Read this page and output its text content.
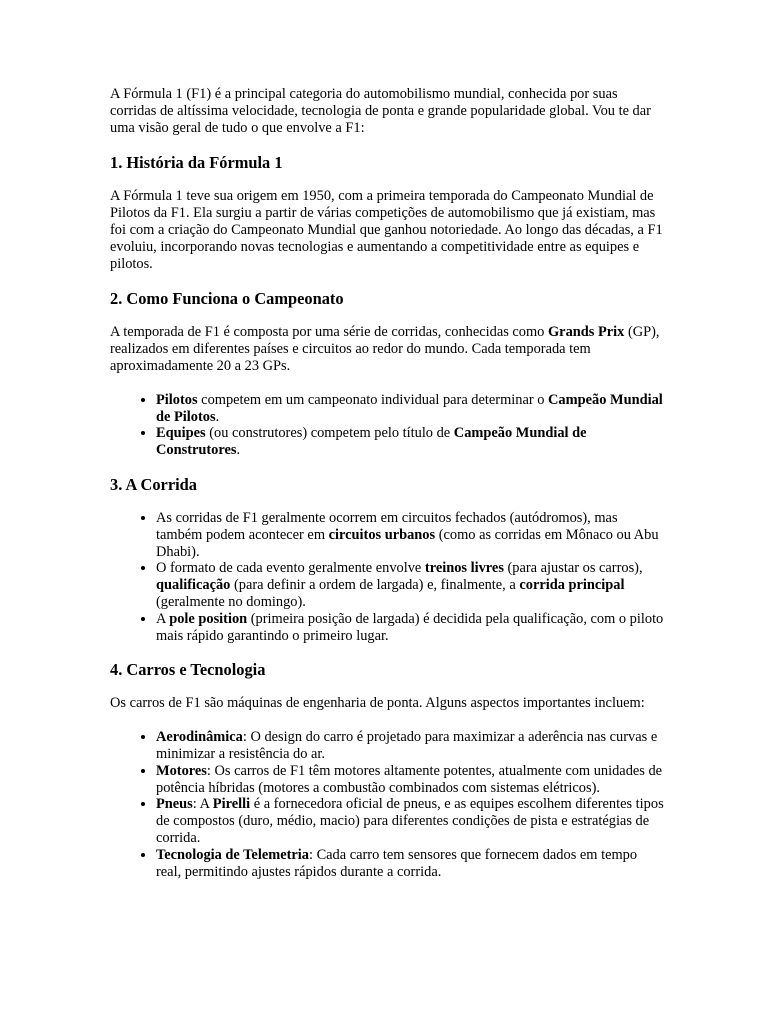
A Fórmula 1 (F1) é a principal categoria do automobilismo mundial, conhecida por suas corridas de altíssima velocidade, tecnologia de ponta e grande popularidade global. Vou te dar uma visão geral de tudo o que envolve a F1:

1. História da Fórmula 1

A Fórmula 1 teve sua origem em 1950, com a primeira temporada do Campeonato Mundial de Pilotos da F1. Ela surgiu a partir de várias competições de automobilismo que já existiam, mas foi com a criação do Campeonato Mundial que ganhou notoriedade. Ao longo das décadas, a F1 evoluiu, incorporando novas tecnologias e aumentando a competitividade entre as equipes e pilotos.

2. Como Funciona o Campeonato

A temporada de F1 é composta por uma série de corridas, conhecidas como Grands Prix (GP), realizados em diferentes países e circuitos ao redor do mundo. Cada temporada tem aproximadamente 20 a 23 GPs.

• Pilotos competem em um campeonato individual para determinar o Campeão Mundial de Pilotos.
• Equipes (ou construtores) competem pelo título de Campeão Mundial de Construtores.
3. A Corrida
• As corridas de F1 geralmente ocorrem em circuitos fechados (autódromos), mas também podem acontecer em circuitos urbanos (como as corridas em Mônaco ou Abu Dhabi).
• O formato de cada evento geralmente envolve treinos livres (para ajustar os carros), qualificação (para definir a ordem de largada) e, finalmente, a corrida principal (geralmente no domingo).
• A pole position (primeira posição de largada) é decidida pela qualificação, com o piloto mais rápido garantindo o primeiro lugar.
4. Carros e Tecnologia

Os carros de F1 são máquinas de engenharia de ponta. Alguns aspectos importantes incluem:

• Aerodinâmica: O design do carro é projetado para maximizar a aderência nas curvas e minimizar a resistência do ar.
• Motores: Os carros de F1 têm motores altamente potentes, atualmente com unidades de potência híbridas (motores a combustão combinados com sistemas elétricos).
• Pneus: A Pirelli é a fornecedora oficial de pneus, e as equipes escolhem diferentes tipos de compostos (duro, médio, macio) para diferentes condições de pista e estratégias de corrida.
• Tecnologia de Telemetria: Cada carro tem sensores que fornecem dados em tempo real, permitindo ajustes rápidos durante a corrida.
